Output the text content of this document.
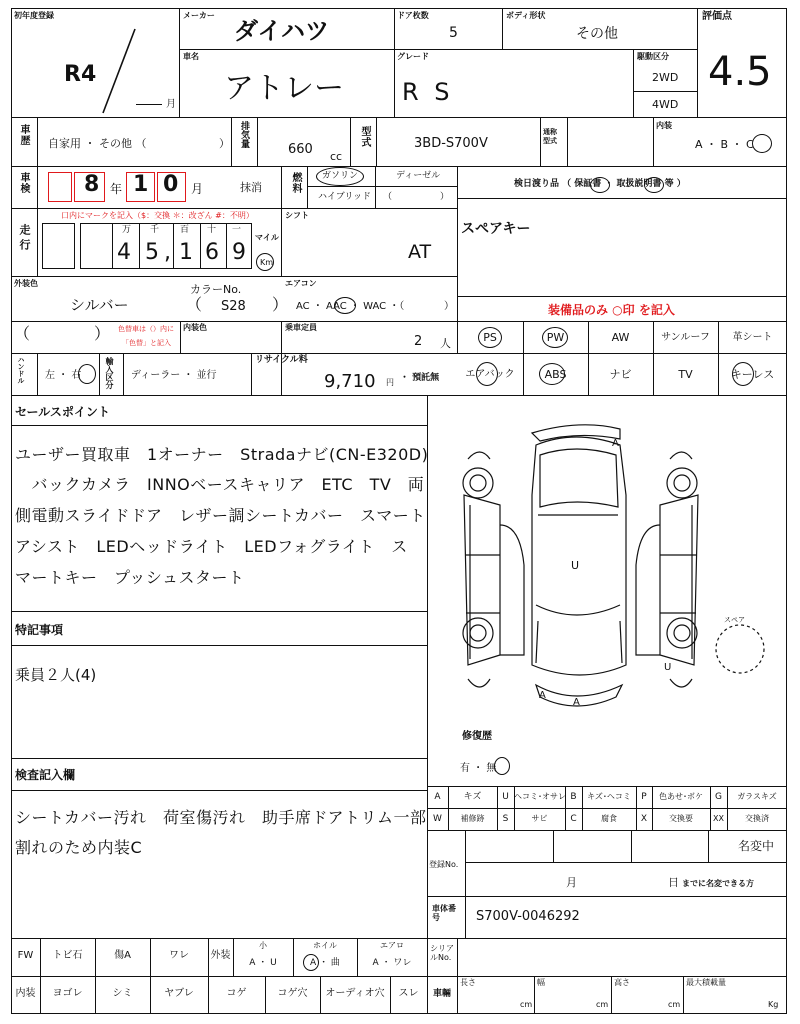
初年度登録
R4
月
メーカー
ダイハツ
ドア枚数
5
ボディ形状
その他
評価点
4.5
車名
アトレー
グレード
R S
駆動区分
2WD
4WD
車歴 自家用 ・ その他 （	） 排気量
660 cc
型式	3BD-S700V
通称型式
内装
A ・ B ・ C
車検	8 年 1 0 月	抹消	燃料 ガソリン	ディーゼル
ハイブリッド （	）
検日渡り品 （ 保証書 ・ 取扱説明書 等 ）
走行
口内にマークを記入（$：交換 ＊：改ざん #：不明）
万 千 百 十 一
4 5 , 1 6 9
マイル
Km
シフト
AT
スペアキー
外装色
シルバー
カラーNo.
（ S28 ）
エアコン
AC ・ AAC ・ WAC ・（	）	装備品のみ ○印 を記入
（	） 色替車は（）内に
「色替」と記入
内装色	乗車定員
2 人	PS	PW	AW	サンルーフ	革シート
エアバック	ABS	ナビ	TV	キーレス
ハンドル 左 ・ 右	輸入区分 ディーラー ・ 並行
リサイクル料
9,710 円 ・ 預託無
セールスポイント
ユーザー買取車　1オーナー　Stradaナビ(CN-E320D)
　バックカメラ　INNOベースキャリア　ETC　TV　両
側電動スライドドア　レザー調シートカバー　スマート
アシスト　LEDヘッドライト　LEDフォグライト　ス
マートキー　プッシュスタート
特記事項
乗員２人(4)
検査記入欄
シートカバー汚れ　荷室傷汚れ　助手席ドアトリム一部
割れのため内装C
A
U
A
A
U
スペア
修復歴
有 ・ 無
A	キズ	U ヘコミ･オサレ B	キズ･ヘコミ	P	色あせ･ボケ	G	ガラスキズ
W	補修跡	S	サビ	C	腐食	X	交換要	XX	交換済
登録No.
名変中
月	日 までに名変できる方
車体番号	S700V-0046292
FW	トビ石	傷A	ワレ	外装
小
A ・ U
ホイル
A ・ 曲
エアロ
A ・ ワレ
シリアルNo.
内装	ヨゴレ	シミ	ヤブレ	コゲ	コゲ穴	オーディオ穴	スレ	車輛
長さ
cm
幅
cm
高さ
cm
最大積載量
Kg
